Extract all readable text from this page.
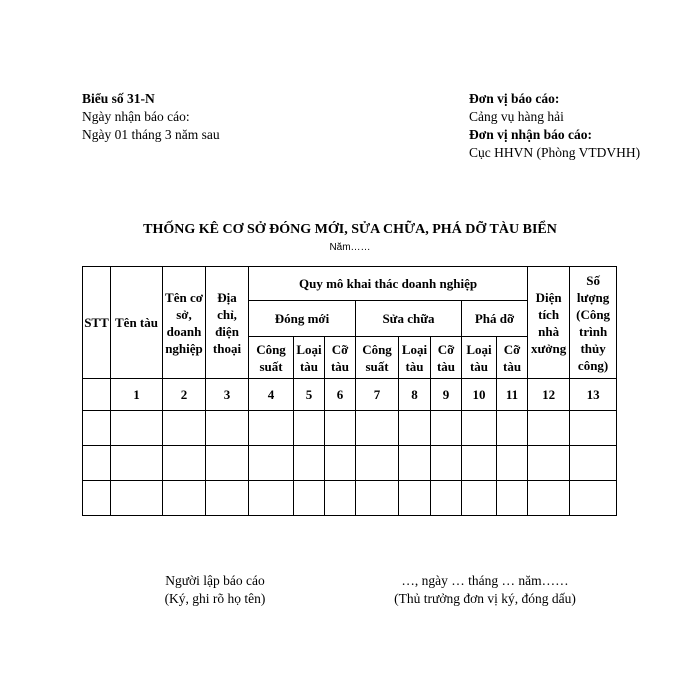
Biểu số 31-N
Ngày nhận báo cáo:
Ngày 01 tháng 3 năm sau
Đơn vị báo cáo:
Cảng vụ hàng hải
Đơn vị nhận báo cáo:
Cục HHVN (Phòng VTDVHH)
THỐNG KÊ CƠ SỞ ĐÓNG MỚI, SỬA CHỮA, PHÁ DỠ TÀU BIỂN
Năm……
STT	Tên tàu	Tên cơ sở, doanh nghiệp	Địa chỉ, điện thoại	Quy mô khai thác doanh nghiệp								Diện tích nhà xưởng	Số lượng (Công trình thủy công)
				Đóng mới			Sửa chữa			Phá dỡ			
				Công suất	Loại tàu	Cỡ tàu	Công suất	Loại tàu	Cỡ tàu	Loại tàu	Cỡ tàu		
	1	2	3	4	5	6	7	8	9	10	11	12	13

Người lập báo cáo
(Ký, ghi rõ họ tên)
…, ngày … tháng … năm……
(Thủ trưởng đơn vị ký, đóng dấu)
